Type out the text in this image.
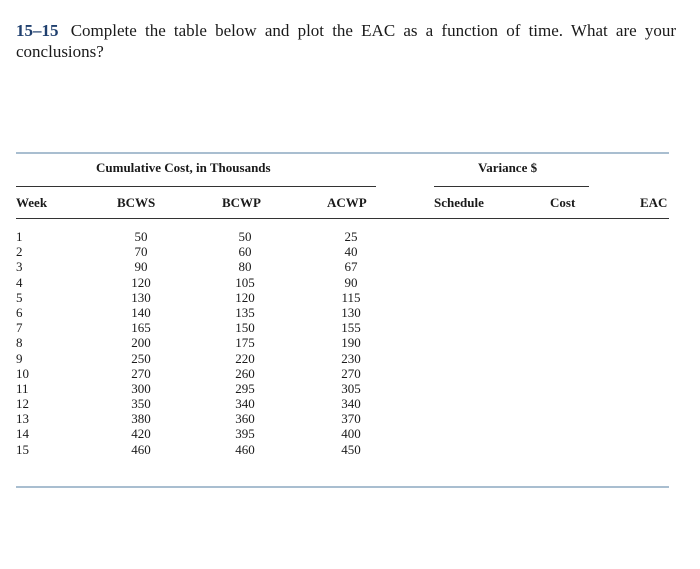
15–15 Complete the table below and plot the EAC as a function of time. What are your conclusions?
Cumulative Cost, in Thousands	Variance $
Week	BCWS	BCWP	ACWP	Schedule	Cost	EAC
1	50	50	25
2	70	60	40
3	90	80	67
4	120	105	90
5	130	120	115
6	140	135	130
7	165	150	155
8	200	175	190
9	250	220	230
10	270	260	270
11	300	295	305
12	350	340	340
13	380	360	370
14	420	395	400
15	460	460	450
